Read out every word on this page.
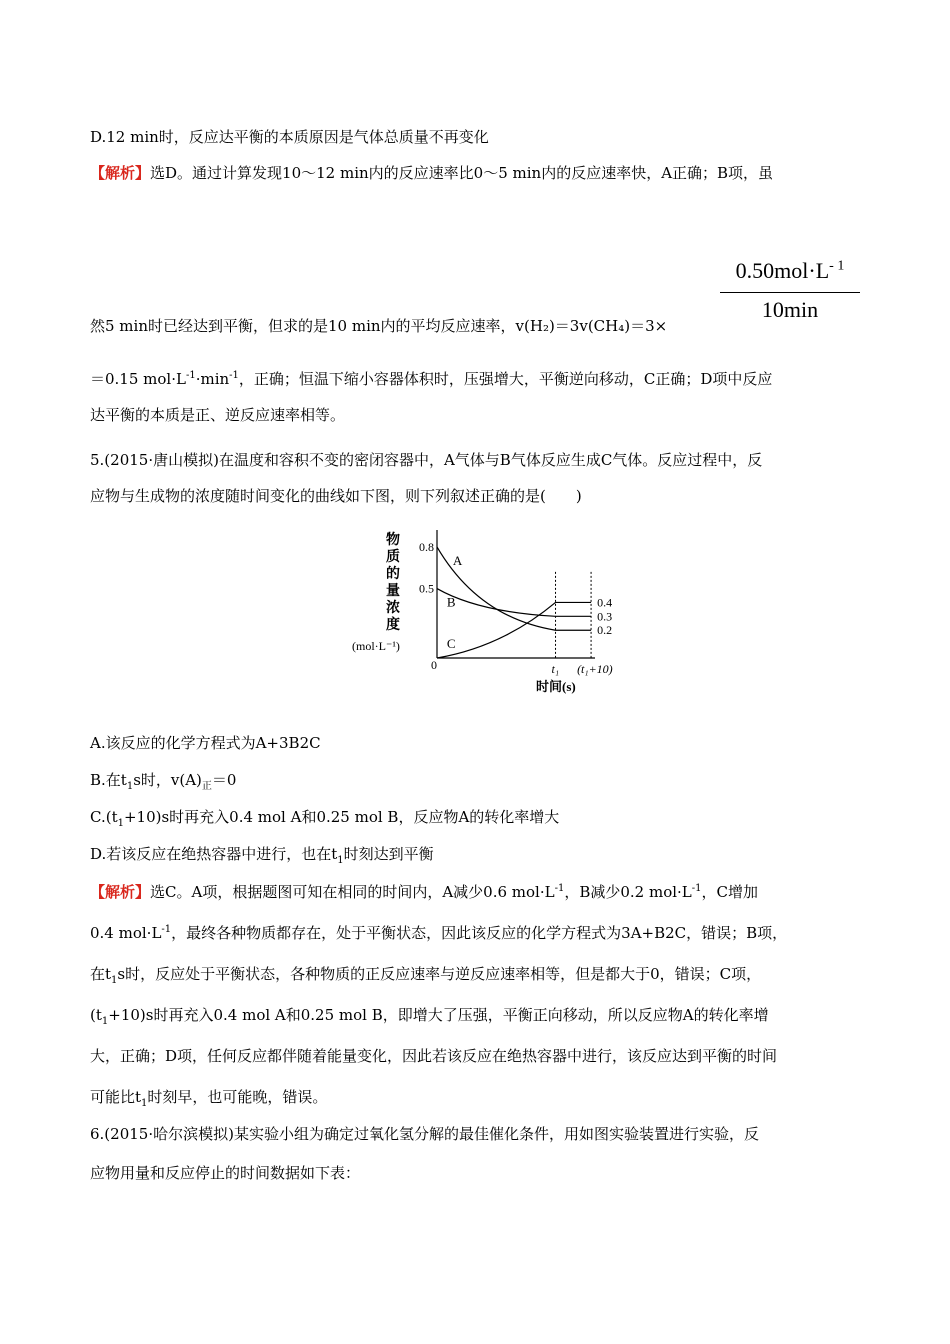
D.12 min时，反应达平衡的本质原因是气体总质量不再变化
【解析】选D。通过计算发现10～12 min内的反应速率比0～5 min内的反应速率快，A正确；B项，虽
$0.50mol\cdot L^{- 1}$
10min
然5 min时已经达到平衡，但求的是10 min内的平均反应速率，v(H₂)＝3v(CH₄)＝3×
＝0.15 $mol\cdot L^{-1}\cdot\min^{-1}$，正确；恒温下缩小容器体积时，压强增大，平衡逆向移动，C正确；D项中反应
达平衡的本质是正、逆反应速率相等。
5.(2015·唐山模拟)在温度和容积不变的密闭容器中，A气体与B气体反应生成C气体。反应过程中，反
应物与生成物的浓度随时间变化的曲线如下图，则下列叙述正确的是(　　)
物
质
的
量
浓
度
(mol·L⁻¹)
0
0.8
0.5
t₁ (t₁+10)
A
B
C
0.4
0.3
0.2
时间(s)
A.该反应的化学方程式为A+3B2C
B.在$t_1s$时，$v(A)_正=0$
$C.(t_1+10)s$时再充入0.4 mol A和0.25 mol B，反应物A的转化率增大
D.若该反应在绝热容器中进行，也在$t_1$时刻达到平衡
【解析】选C。A项，根据题图可知在相同的时间内，A减少0.6 $mol\cdot L^{-1}$，B减少0.2 $mol\cdot L^{-1}$，C增加
0.4 $mol\cdot L^{-1}$，最终各种物质都存在，处于平衡状态，因此该反应的化学方程式为3A+B2C，错误；B项，
在$t_1s$时，反应处于平衡状态，各种物质的正反应速率与逆反应速率相等，但是都大于0，错误；C项，
$(t_1+10)s$时再充入0.4 mol A和0.25 mol B，即增大了压强，平衡正向移动，所以反应物A的转化率增
大，正确；D项，任何反应都伴随着能量变化，因此若该反应在绝热容器中进行，该反应达到平衡的时间
可能比$t_1$时刻早，也可能晚，错误。
6.(2015·哈尔滨模拟)某实验小组为确定过氧化氢分解的最佳催化条件，用如图实验装置进行实验，反
应物用量和反应停止的时间数据如下表：
